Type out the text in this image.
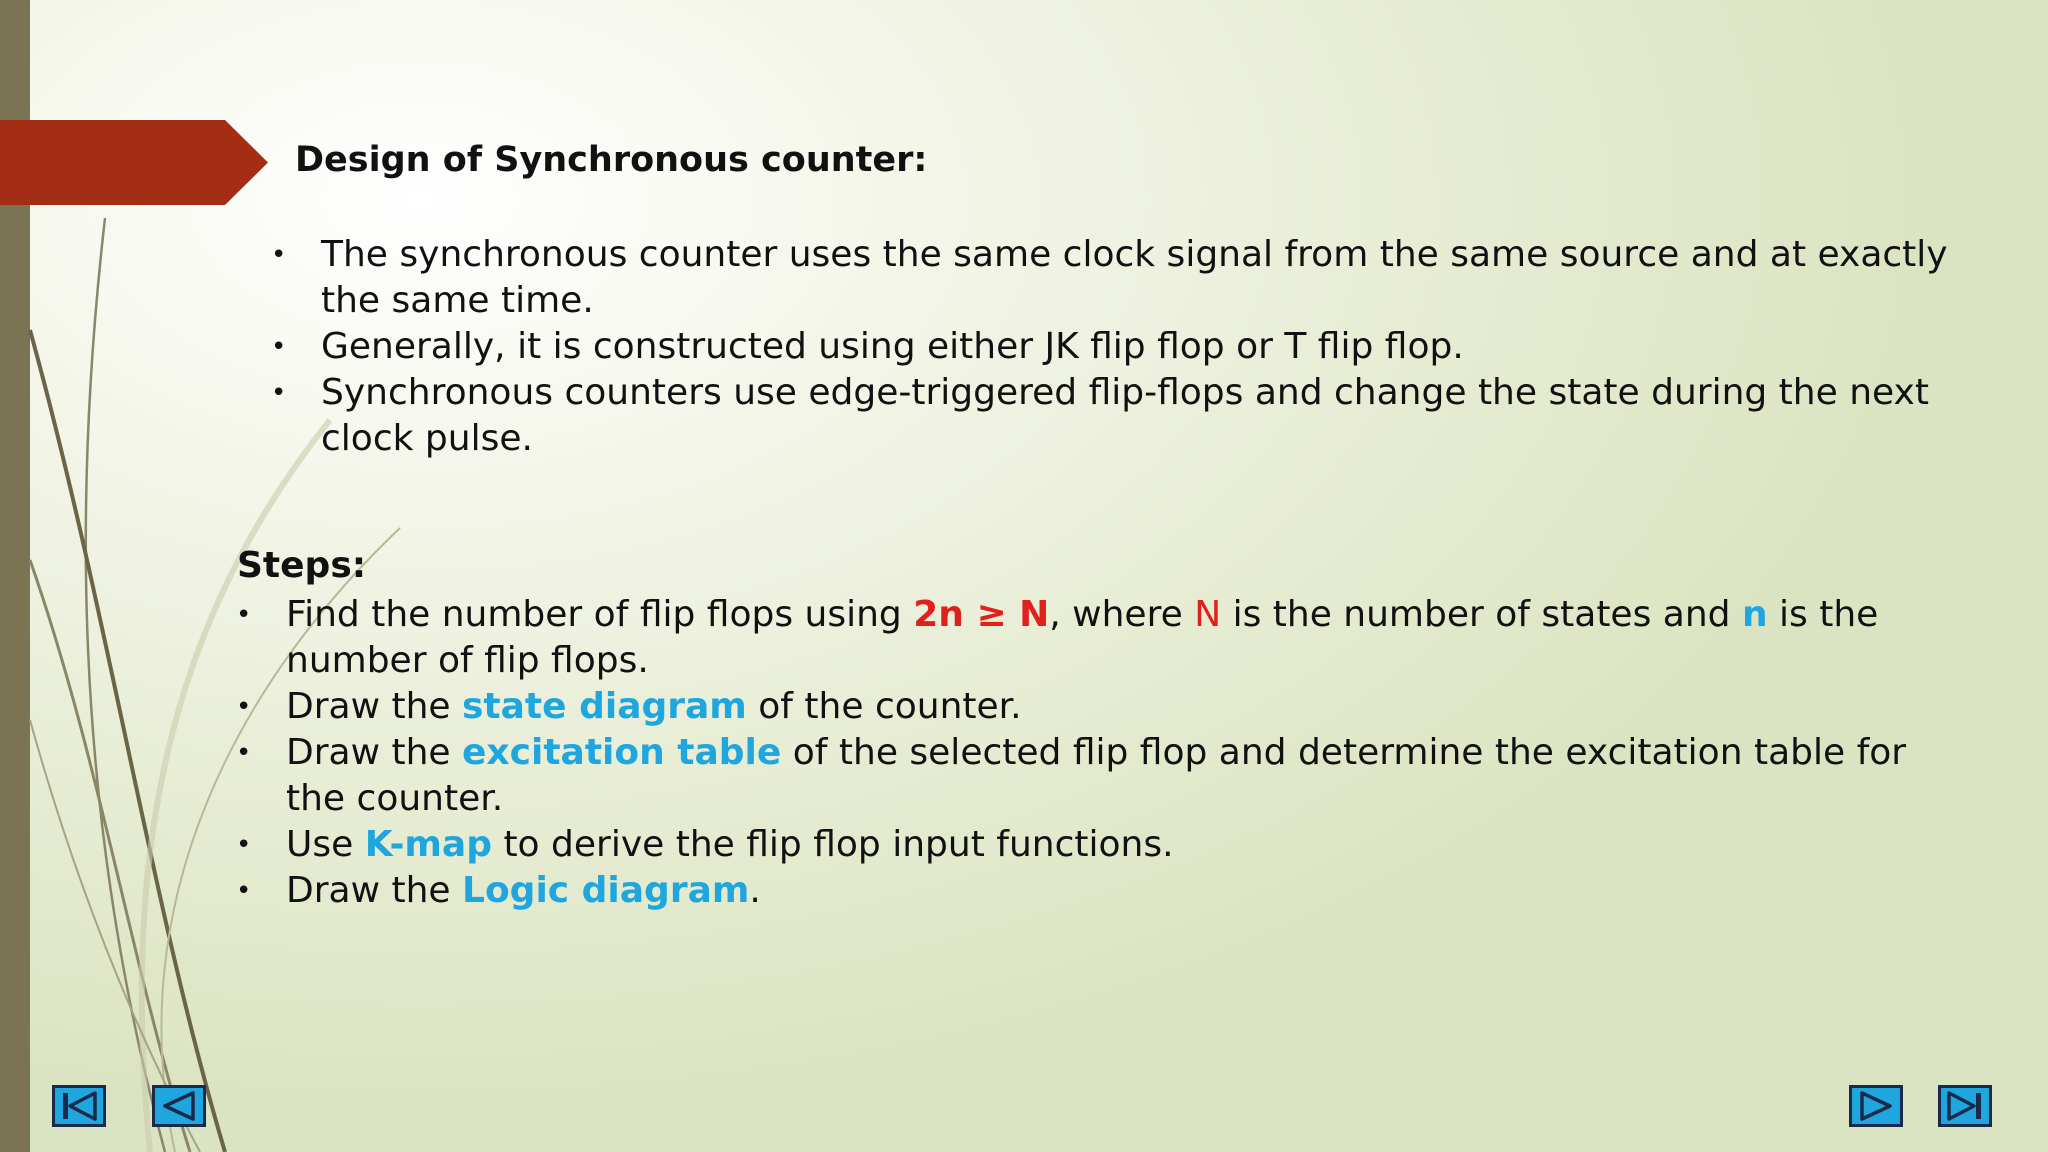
Design of Synchronous counter:
• The synchronous counter uses the same clock signal from the same source and at exactly the same time.
• Generally, it is constructed using either JK flip flop or T flip flop.
• Synchronous counters use edge-triggered flip-flops and change the state during the next clock pulse.
Steps:
• Find the number of flip flops using 2n ≥ N, where N is the number of states and n is the number of flip flops.
• Draw the state diagram of the counter.
• Draw the excitation table of the selected flip flop and determine the excitation table for the counter.
• Use K-map to derive the flip flop input functions.
• Draw the Logic diagram.
